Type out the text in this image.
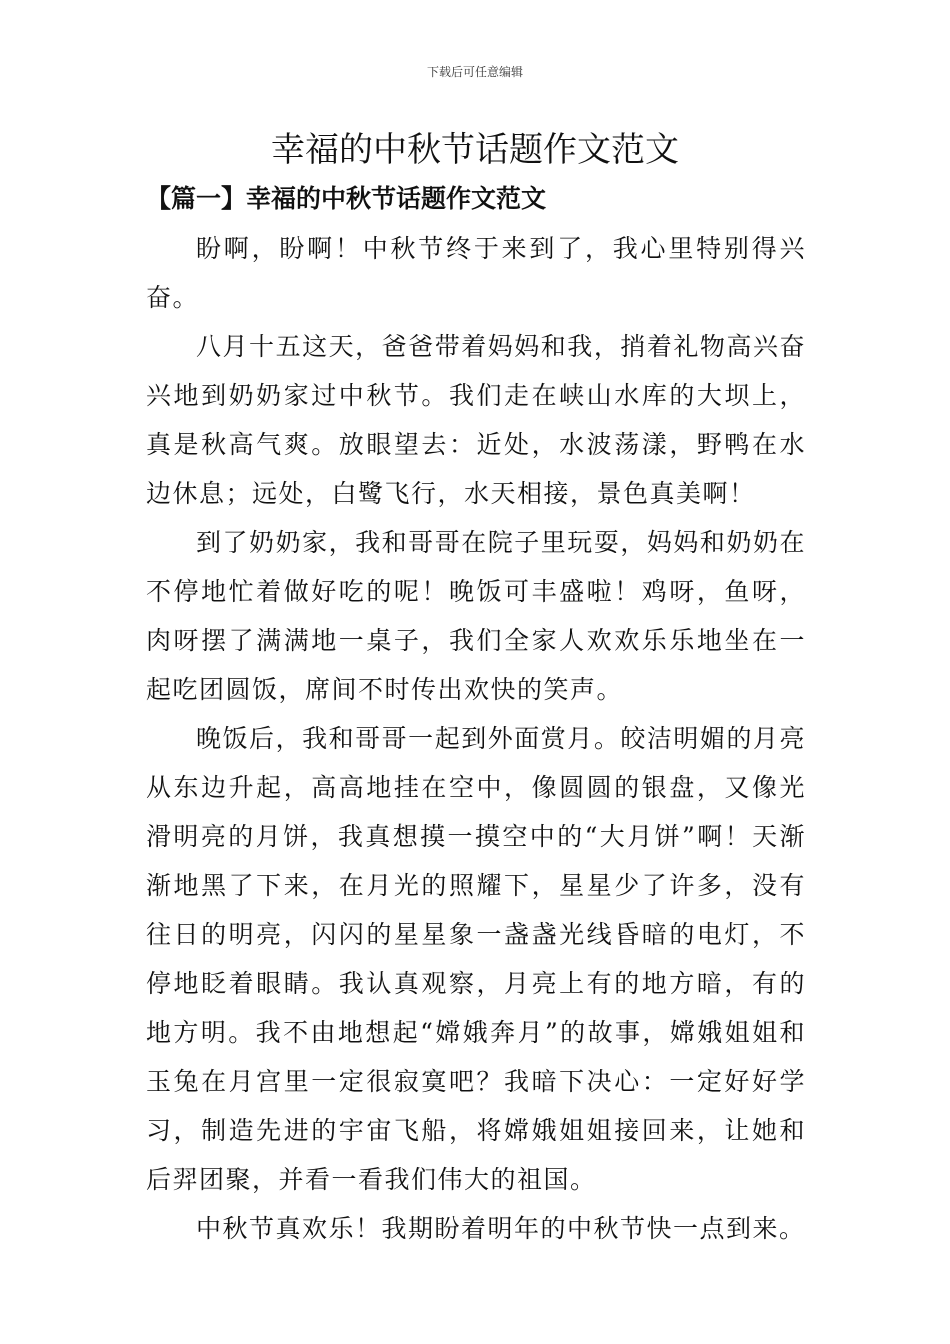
下载后可任意编辑
幸福的中秋节话题作文范文
【篇一】幸福的中秋节话题作文范文

盼啊，盼啊！中秋节终于来到了，我心里特别得兴奋。

八月十五这天，爸爸带着妈妈和我，捎着礼物高兴奋兴地到奶奶家过中秋节。我们走在峡山水库的大坝上，真是秋高气爽。放眼望去：近处，水波荡漾，野鸭在水边休息；远处，白鹭飞行，水天相接，景色真美啊！

到了奶奶家，我和哥哥在院子里玩耍，妈妈和奶奶在不停地忙着做好吃的呢！晚饭可丰盛啦！鸡呀，鱼呀，肉呀摆了满满地一桌子，我们全家人欢欢乐乐地坐在一起吃团圆饭，席间不时传出欢快的笑声。

晚饭后，我和哥哥一起到外面赏月。皎洁明媚的月亮从东边升起，高高地挂在空中，像圆圆的银盘，又像光滑明亮的月饼，我真想摸一摸空中的“大月饼”啊！天渐渐地黑了下来，在月光的照耀下，星星少了许多，没有往日的明亮，闪闪的星星象一盏盏光线昏暗的电灯，不停地眨着眼睛。我认真观察，月亮上有的地方暗，有的地方明。我不由地想起“嫦娥奔月”的故事，嫦娥姐姐和玉兔在月宫里一定很寂寞吧？我暗下决心：一定好好学习，制造先进的宇宙飞船，将嫦娥姐姐接回来，让她和后羿团聚，并看一看我们伟大的祖国。

中秋节真欢乐！我期盼着明年的中秋节快一点到来。
